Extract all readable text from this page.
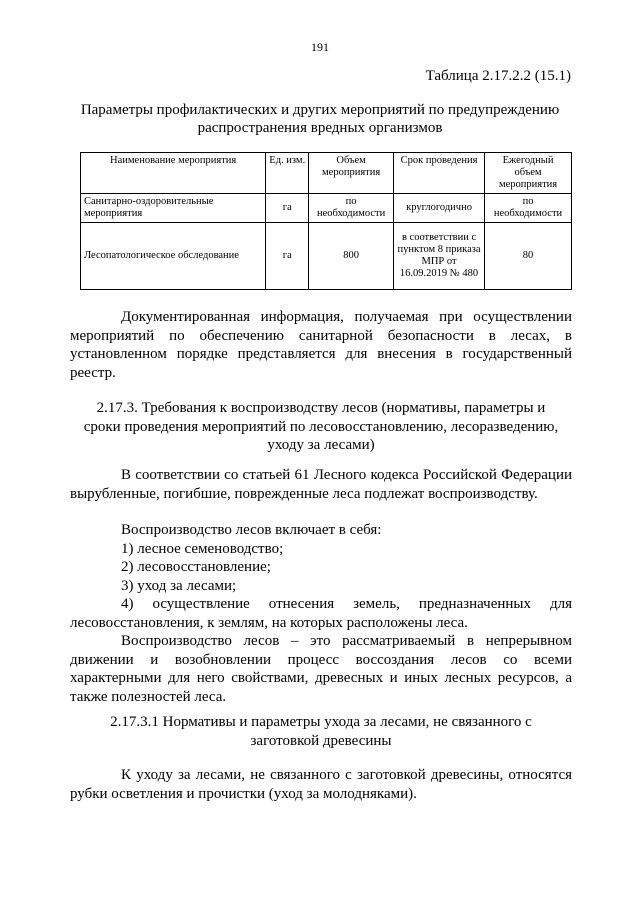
191
Таблица 2.17.2.2 (15.1)
Параметры профилактических и других мероприятий по предупреждению
распространения вредных организмов
Наименование мероприятия	Ед. изм.	Объем мероприятия	Срок проведения	Ежегодный объем мероприятия
Санитарно-оздоровительные мероприятия	га	по необходимости	круглогодично	по необходимости
Лесопатологическое обследование	га	800	в соответствии с пунктом 8 приказа МПР от 16.09.2019 № 480	80

Документированная информация, получаемая при осуществлении мероприятий по обеспечению санитарной безопасности в лесах, в установленном порядке представляется для внесения в государственный реестр.

2.17.3. Требования к воспроизводству лесов (нормативы, параметры и
сроки проведения мероприятий по лесовосстановлению, лесоразведению,
уходу за лесами)

В соответствии со статьей 61 Лесного кодекса Российской Федерации вырубленные, погибшие, поврежденные леса подлежат воспроизводству.

Воспроизводство лесов включает в себя:

1) лесное семеноводство;
2) лесовосстановление;
3) уход за лесами;

4) осуществление отнесения земель, предназначенных для лесовосстановления, к землям, на которых расположены леса.

Воспроизводство лесов – это рассматриваемый в непрерывном движении и возобновлении процесс воссоздания лесов со всеми характерными для него свойствами, древесных и иных лесных ресурсов, а также полезностей леса.

2.17.3.1 Нормативы и параметры ухода за лесами, не связанного с
заготовкой древесины

К уходу за лесами, не связанного с заготовкой древесины, относятся рубки осветления и прочистки (уход за молодняками).
